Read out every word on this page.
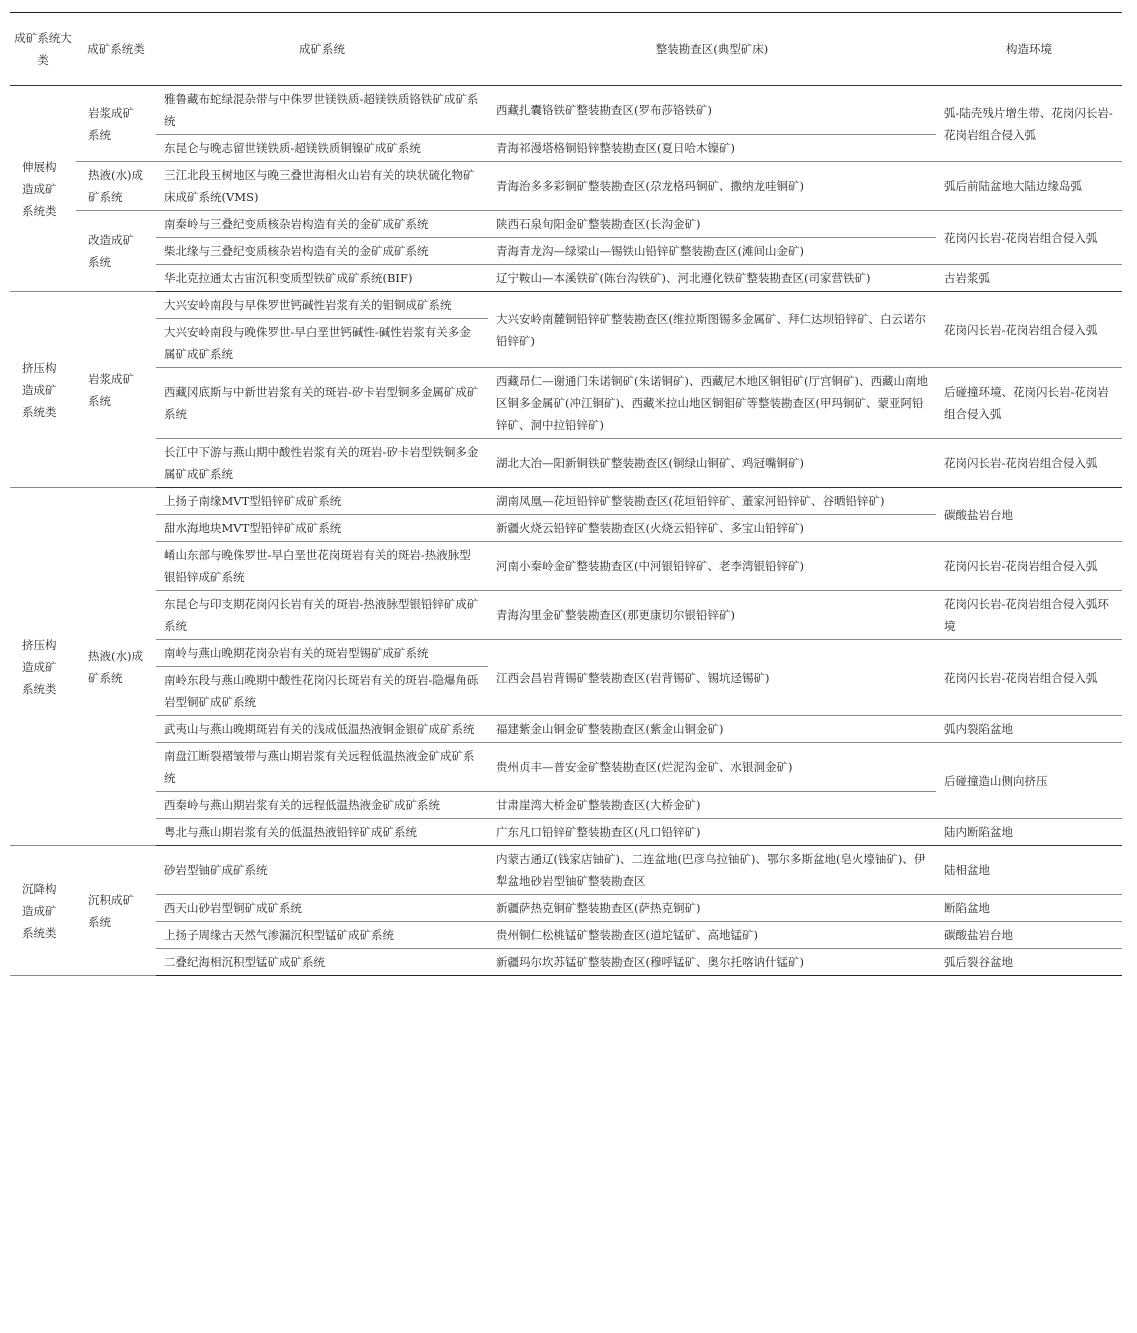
成矿系统大类	成矿系统类	成矿系统	整装勘查区(典型矿床)	构造环境
伸展构造成矿系统类	岩浆成矿系统	雅鲁藏布蛇绿混杂带与中侏罗世镁铁质-超镁铁质铬铁矿成矿系统	西藏扎囊铬铁矿整装勘查区(罗布莎铬铁矿)	弧-陆壳残片增生带、花岗闪长岩-花岗岩组合侵入弧
		东昆仑与晚志留世镁铁质-超镁铁质铜镍矿成矿系统	青海祁漫塔格铜铅锌整装勘查区(夏日哈木镍矿)	
	热液(水)成矿系统	三江北段玉树地区与晚三叠世海相火山岩有关的块状硫化物矿床成矿系统(VMS)	青海治多多彩铜矿整装勘查区(尕龙格玛铜矿、撒纳龙哇铜矿)	弧后前陆盆地大陆边缘岛弧
	改造成矿系统	南秦岭与三叠纪变质核杂岩构造有关的金矿成矿系统	陕西石泉旬阳金矿整装勘查区(长沟金矿)	花岗闪长岩-花岗岩组合侵入弧
		柴北缘与三叠纪变质核杂岩构造有关的金矿成矿系统	青海青龙沟—绿梁山—锡铁山铅锌矿整装勘查区(滩间山金矿)	
		华北克拉通太古宙沉积变质型铁矿成矿系统(BIF)	辽宁鞍山—本溪铁矿(陈台沟铁矿)、河北遵化铁矿整装勘查区(司家营铁矿)	古岩浆弧
挤压构造成矿系统类	岩浆成矿系统	大兴安岭南段与早侏罗世钙碱性岩浆有关的钼铜成矿系统	大兴安岭南麓铜铅锌矿整装勘查区(维拉斯图锡多金属矿、拜仁达坝铅锌矿、白云诺尔铅锌矿)	花岗闪长岩-花岗岩组合侵入弧
		大兴安岭南段与晚侏罗世-早白垩世钙碱性-碱性岩浆有关多金属矿成矿系统		
		西藏冈底斯与中新世岩浆有关的斑岩-矽卡岩型铜多金属矿成矿系统	西藏昂仁—谢通门朱诺铜矿(朱诺铜矿)、西藏尼木地区铜钼矿(厅宫铜矿)、西藏山南地区铜多金属矿(冲江铜矿)、西藏米拉山地区铜钼矿等整装勘查区(甲玛铜矿、蒙亚阿铅锌矿、洞中拉铅锌矿)	后碰撞环境、花岗闪长岩-花岗岩组合侵入弧
		长江中下游与燕山期中酸性岩浆有关的斑岩-矽卡岩型铁铜多金属矿成矿系统	湖北大冶—阳新铜铁矿整装勘查区(铜绿山铜矿、鸡冠嘴铜矿)	花岗闪长岩-花岗岩组合侵入弧
挤压构造成矿系统类	热液(水)成矿系统	上扬子南缘MVT型铅锌矿成矿系统	湖南凤凰—花垣铅锌矿整装勘查区(花垣铅锌矿、董家河铅锌矿、谷晒铅锌矿)	碳酸盐岩台地
		甜水海地块MVT型铅锌矿成矿系统	新疆火烧云铅锌矿整装勘查区(火烧云铅锌矿、多宝山铅锌矿)	
		崤山东部与晚侏罗世-早白垩世花岗斑岩有关的斑岩-热液脉型银铅锌成矿系统	河南小秦岭金矿整装勘查区(中河银铅锌矿、老李湾银铅锌矿)	花岗闪长岩-花岗岩组合侵入弧
		东昆仑与印支期花岗闪长岩有关的斑岩-热液脉型银铅锌矿成矿系统	青海沟里金矿整装勘查区(那更康切尔银铅锌矿)	花岗闪长岩-花岗岩组合侵入弧环境
		南岭与燕山晚期花岗杂岩有关的斑岩型锡矿成矿系统	江西会昌岩背锡矿整装勘查区(岩背锡矿、锡坑迳锡矿)	花岗闪长岩-花岗岩组合侵入弧
		南岭东段与燕山晚期中酸性花岗闪长斑岩有关的斑岩-隐爆角砾岩型铜矿成矿系统		
		武夷山与燕山晚期斑岩有关的浅成低温热液铜金银矿成矿系统	福建紫金山铜金矿整装勘查区(紫金山铜金矿)	弧内裂陷盆地
		南盘江断裂褶皱带与燕山期岩浆有关远程低温热液金矿成矿系统	贵州贞丰—普安金矿整装勘查区(烂泥沟金矿、水银洞金矿)	后碰撞造山侧向挤压
		西秦岭与燕山期岩浆有关的远程低温热液金矿成矿系统	甘肃崖湾大桥金矿整装勘查区(大桥金矿)	
		粤北与燕山期岩浆有关的低温热液铅锌矿成矿系统	广东凡口铅锌矿整装勘查区(凡口铅锌矿)	陆内断陷盆地
沉降构造成矿系统类	沉积成矿系统	砂岩型铀矿成矿系统	内蒙古通辽(钱家店铀矿)、二连盆地(巴彦乌拉铀矿)、鄂尔多斯盆地(皂火壕铀矿)、伊犁盆地砂岩型铀矿整装勘查区	陆相盆地
		西天山砂岩型铜矿成矿系统	新疆萨热克铜矿整装勘查区(萨热克铜矿)	断陷盆地
		上扬子周缘古天然气渗漏沉积型锰矿成矿系统	贵州铜仁松桃锰矿整装勘查区(道坨锰矿、高地锰矿)	碳酸盐岩台地
		二叠纪海相沉积型锰矿成矿系统	新疆玛尔坎苏锰矿整装勘查区(穆呼锰矿、奥尔托喀讷什锰矿)	弧后裂谷盆地
